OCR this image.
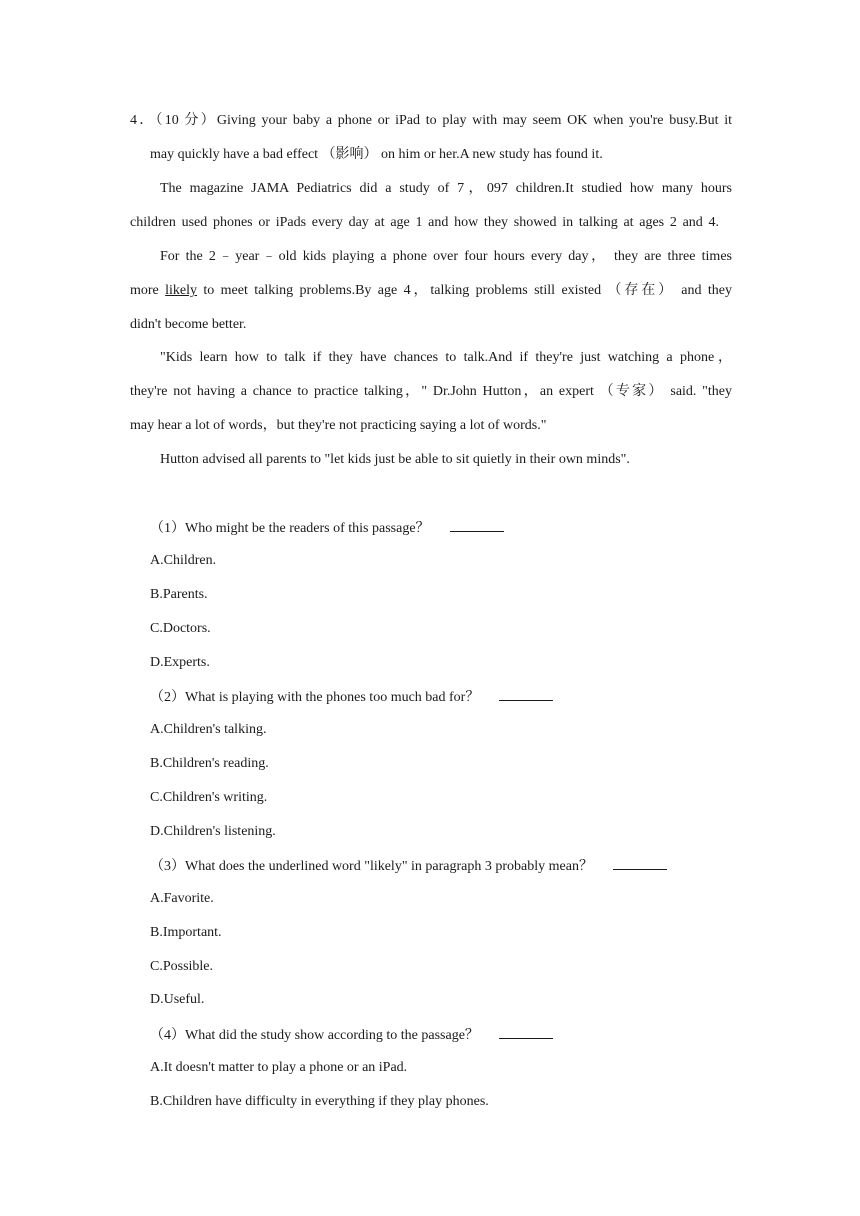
4．（10 分）Giving your baby a phone or iPad to play with may seem OK when you're busy.But it
may quickly have a bad effect （影响） on him or her.A new study has found it.
The magazine JAMA Pediatrics did a study of 7，097 children.It studied how many hours
children used phones or iPads every day at age 1 and how they showed in talking at ages 2 and 4.
For the 2﹣year﹣old kids playing a phone over four hours every day， they are three times
more likely to meet talking problems.By age 4，talking problems still existed （存在） and they
didn't become better.
"Kids learn how to talk if they have chances to talk.And if they're just watching a phone，
they're not having a chance to practice talking，" Dr.John Hutton，an expert （专家） said. "they
may hear a lot of words，but they're not practicing saying a lot of words."
Hutton advised all parents to "let kids just be able to sit quietly in their own minds".
（1）Who might be the readers of this passage？
A.Children.
B.Parents.
C.Doctors.
D.Experts.
（2）What is playing with the phones too much bad for？
A.Children's talking.
B.Children's reading.
C.Children's writing.
D.Children's listening.
（3）What does the underlined word "likely" in paragraph 3 probably mean？
A.Favorite.
B.Important.
C.Possible.
D.Useful.
（4）What did the study show according to the passage？
A.It doesn't matter to play a phone or an iPad.
B.Children have difficulty in everything if they play phones.
